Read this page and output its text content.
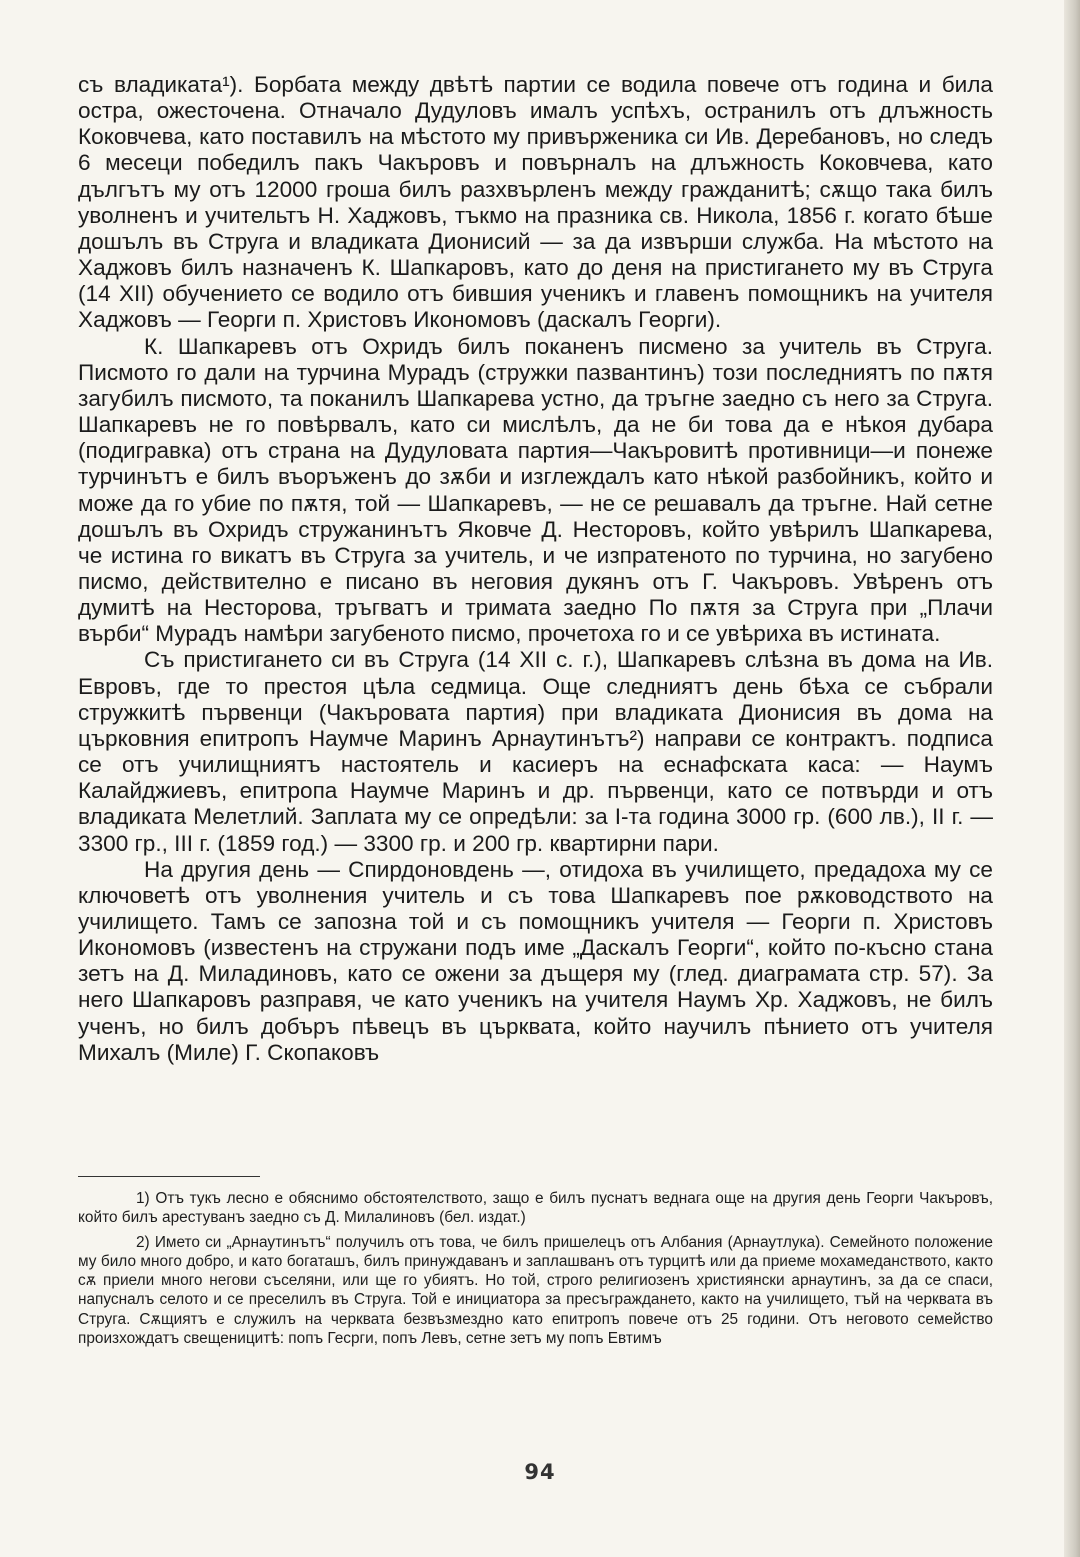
съ владиката¹). Борбата между двѣтѣ партии се водила повече отъ година и била остра, ожесточена. Отначало Дудуловъ ималъ успѣхъ, остранилъ отъ длъжность Коковчева, като поставилъ на мѣстото му привърженика си Ив. Деребановъ, но следъ 6 месеци победилъ пакъ Чакъровъ и повърналъ на длъжность Коковчева, като дългътъ му отъ 12000 гроша билъ разхвърленъ между гражданитѣ; сѫщо така билъ уволненъ и учительтъ Н. Хаджовъ, тъкмо на празника св. Никола, 1856 г. когато бѣше дошълъ въ Струга и владиката Дионисий — за да извърши служба. На мѣстото на Хаджовъ билъ назначенъ К. Шапкаровъ, като до деня на пристигането му въ Струга (14 XII) обучението се водило отъ бившия ученикъ и главенъ помощникъ на учителя Хаджовъ — Георги п. Христовъ Икономовъ (даскалъ Георги).

К. Шапкаревъ отъ Охридъ билъ поканенъ писмено за учитель въ Струга. Писмото го дали на турчина Мурадъ (стружки пазвантинъ) този последниятъ по пѫтя загубилъ писмото, та поканилъ Шапкарева устно, да тръгне заедно съ него за Струга. Шапкаревъ не го повѣрвалъ, като си мислѣлъ, да не би това да е нѣкоя дубара (подигравка) отъ страна на Дудуловата партия—Чакъровитѣ противници—и понеже турчинътъ е билъ въоръженъ до зѫби и изглеждалъ като нѣкой разбойникъ, който и може да го убие по пѫтя, той — Шапкаревъ, — не се решавалъ да тръгне. Най сетне дошълъ въ Охридъ стружанинътъ Яковче Д. Несторовъ, който увѣрилъ Шапкарева, че истина го викатъ въ Струга за учитель, и че изпратеното по турчина, но загубено писмо, действително е писано въ неговия дукянъ отъ Г. Чакъровъ. Увѣренъ отъ думитѣ на Несторова, тръгватъ и тримата заедно По пѫтя за Струга при „Плачи върби“ Мурадъ намѣри загубеното писмо, прочетоха го и се увѣриха въ истината.

Съ пристигането си въ Струга (14 XII с. г.), Шапкаревъ слѣзна въ дома на Ив. Евровъ, где то престоя цѣла седмица. Още следниятъ день бѣха се събрали стружкитѣ първенци (Чакъровата партия) при владиката Дионисия въ дома на църковния епитропъ Наумче Маринъ Арнаутинътъ²) направи се контрактъ. подписа се отъ училищниятъ настоятель и касиеръ на еснафската каса: — Наумъ Калайджиевъ, епитропа Наумче Маринъ и др. първенци, като се потвърди и отъ владиката Мелетлий. Заплата му се опредѣли: за I-та година 3000 гр. (600 лв.), II г. — 3300 гр., III г. (1859 год.) — 3300 гр. и 200 гр. квартирни пари.

На другия день — Спирдоновдень —, отидоха въ училището, предадоха му се ключоветѣ отъ уволнения учитель и съ това Шапкаревъ пое рѫководството на училището. Тамъ се запозна той и съ помощникъ учителя — Георги п. Христовъ Икономовъ (известенъ на стружани подъ име „Даскалъ Георги“, който по-късно стана зетъ на Д. Миладиновъ, като се ожени за дъщеря му (глед. диаграмата стр. 57). За него Шапкаровъ разправя, че като ученикъ на учителя Наумъ Хр. Хаджовъ, не билъ ученъ, но билъ добъръ пѣвецъ въ църквата, който научилъ пѣнието отъ учителя Михалъ (Миле) Г. Скопаковъ

1) Отъ тукъ лесно е обяснимо обстоятелството, защо е билъ пуснатъ веднага още на другия день Георги Чакъровъ, който билъ арестуванъ заедно съ Д. Милалиновъ (бел. издат.)

2) Името си „Арнаутинътъ“ получилъ отъ това, че билъ пришелецъ отъ Албания (Арнаутлука). Семейното положение му било много добро, и като богаташъ, билъ принуждаванъ и заплашванъ отъ турцитѣ или да приеме мохамеданството, както сѫ приели много негови съселяни, или ще го убиятъ. Но той, строго религиозенъ християнски арнаутинъ, за да се спаси, напусналъ селото и се преселилъ въ Струга. Той е инициатора за пресъграждането, както на училището, тъй на черквата въ Струга. Сѫщиятъ е служилъ на черквата безвъзмездно като епитропъ повече отъ 25 години. Отъ неговото семейство произхождатъ свещеницитѣ: попъ Гесрги, попъ Левъ, сетне зетъ му попъ Евтимъ

94
